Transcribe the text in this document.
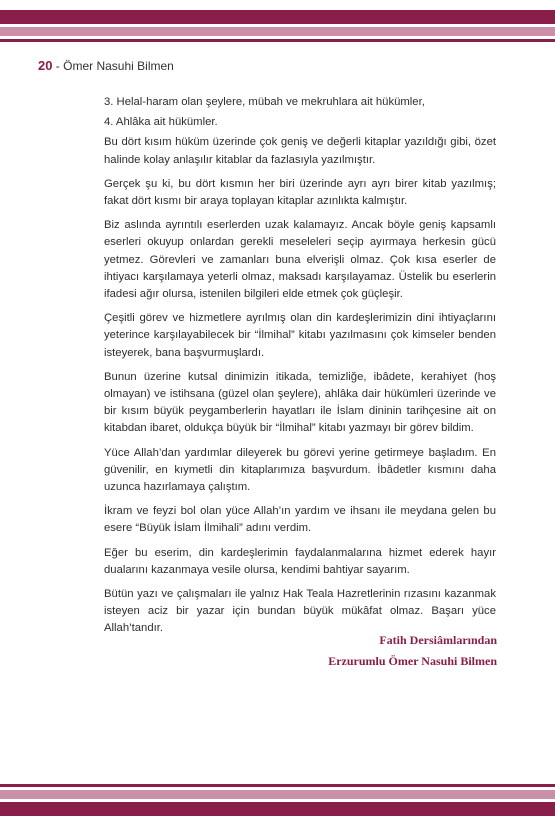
20 - Ömer Nasuhi Bilmen

3. Helal-haram olan şeylere, mübah ve mekruhlara ait hükümler,

4. Ahlâka ait hükümler.

Bu dört kısım hüküm üzerinde çok geniş ve değerli kitaplar yazıldığı gibi, özet halinde kolay anlaşılır kitablar da fazlasıyla yazılmıştır.

Gerçek şu ki, bu dört kısmın her biri üzerinde ayrı ayrı birer kitab yazılmış; fakat dört kısmı bir araya toplayan kitaplar azınlıkta kalmıştır.

Biz aslında ayrıntılı eserlerden uzak kalamayız. Ancak böyle geniş kapsamlı eserleri okuyup onlardan gerekli meseleleri seçip ayırmaya herkesin gücü yetmez. Görevleri ve zamanları buna elverişli olmaz. Çok kısa eserler de ihtiyacı karşılamaya yeterli olmaz, maksadı karşılayamaz. Üstelik bu eserlerin ifadesi ağır olursa, istenilen bilgileri elde etmek çok güçleşir.

Çeşitli görev ve hizmetlere ayrılmış olan din kardeşlerimizin dini ihtiyaçlarını yeterince karşılayabilecek bir “İlmihal” kitabı yazılmasını çok kimseler benden isteyerek, bana başvurmuşlardı.

Bunun üzerine kutsal dinimizin itikada, temizliğe, ibâdete, kerahiyet (hoş olmayan) ve istihsana (güzel olan şeylere), ahlâka dair hükümleri üzerinde ve bir kısım büyük peygamberlerin hayatları ile İslam dininin tarihçesine ait on kitabdan ibaret, oldukça büyük bir “İlmihal” kitabı yazmayı bir görev bildim.

Yüce Allah’dan yardımlar dileyerek bu görevi yerine getirmeye başladım. En güvenilir, en kıymetli din kitaplarımıza başvurdum. İbâdetler kısmını daha uzunca hazırlamaya çalıştım.

İkram ve feyzi bol olan yüce Allah’ın yardım ve ihsanı ile meydana gelen bu esere “Büyük İslam İlmihali” adını verdim.

Eğer bu eserim, din kardeşlerimin faydalanmalarına hizmet ederek hayır dualarını kazanmaya vesile olursa, kendimi bahtiyar sayarım.

Bütün yazı ve çalışmaları ile yalnız Hak Teala Hazretlerinin rızasını kazanmak isteyen aciz bir yazar için bundan büyük mükâfat olmaz. Başarı yüce Allah’tandır.

Fatih Dersiâmlarından
Erzurumlu Ömer Nasuhi Bilmen
